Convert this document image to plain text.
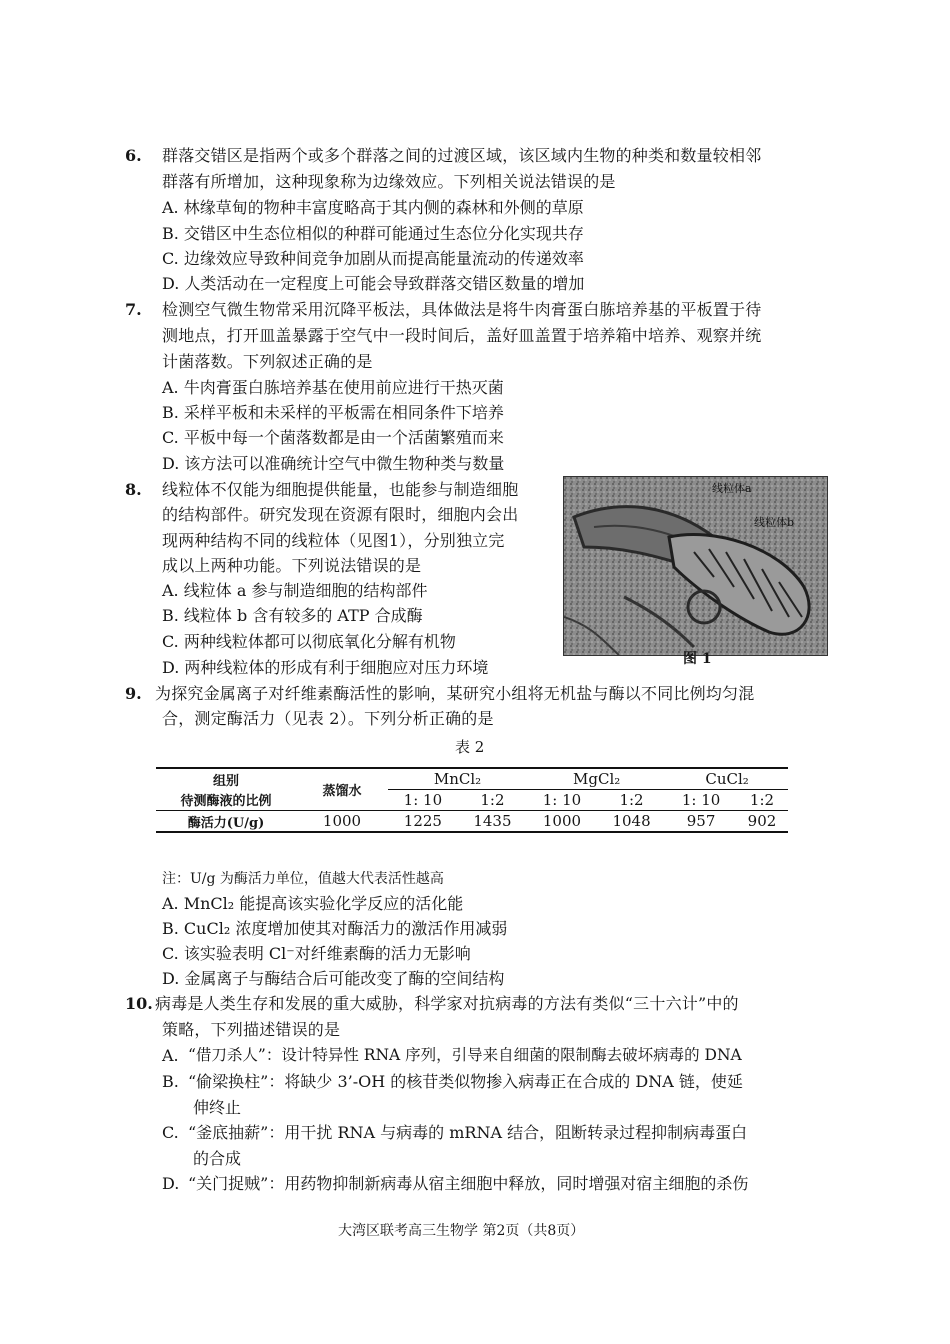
6. 群落交错区是指两个或多个群落之间的过渡区域，该区域内生物的种类和数量较相邻
群落有所增加，这种现象称为边缘效应。下列相关说法错误的是
A. 林缘草甸的物种丰富度略高于其内侧的森林和外侧的草原
B. 交错区中生态位相似的种群可能通过生态位分化实现共存
C. 边缘效应导致种间竞争加剧从而提高能量流动的传递效率
D. 人类活动在一定程度上可能会导致群落交错区数量的增加
7. 检测空气微生物常采用沉降平板法，具体做法是将牛肉膏蛋白胨培养基的平板置于待
测地点，打开皿盖暴露于空气中一段时间后，盖好皿盖置于培养箱中培养、观察并统
计菌落数。下列叙述正确的是
A. 牛肉膏蛋白胨培养基在使用前应进行干热灭菌
B. 采样平板和未采样的平板需在相同条件下培养
C. 平板中每一个菌落数都是由一个活菌繁殖而来
D. 该方法可以准确统计空气中微生物种类与数量
8. 线粒体不仅能为细胞提供能量，也能参与制造细胞
的结构部件。研究发现在资源有限时，细胞内会出
现两种结构不同的线粒体（见图1），分别独立完
成以上两种功能。下列说法错误的是
A. 线粒体 a 参与制造细胞的结构部件
B. 线粒体 b 含有较多的 ATP 合成酶
C. 两种线粒体都可以彻底氧化分解有机物
D. 两种线粒体的形成有利于细胞应对压力环境
线粒体a
线粒体b
图 1
9. 为探究金属离子对纤维素酶活性的影响，某研究小组将无机盐与酶以不同比例均匀混
合，测定酶活力（见表 2）。下列分析正确的是
表 2
组别	蒸馏水	MnCl₂		MgCl₂		CuCl₂	
待测酶液的比例		1: 10	1:2	1: 10	1:2	1: 10	1:2
酶活力(U/g)	1000	1225	1435	1000	1048	957	902
注：U/g 为酶活力单位，值越大代表活性越高
A. MnCl₂ 能提高该实验化学反应的活化能
B. CuCl₂ 浓度增加使其对酶活力的激活作用减弱
C. 该实验表明 Cl⁻对纤维素酶的活力无影响
D. 金属离子与酶结合后可能改变了酶的空间结构
10. 病毒是人类生存和发展的重大威胁，科学家对抗病毒的方法有类似“三十六计”中的
策略，下列描述错误的是
A. “借刀杀人”：设计特异性 RNA 序列，引导来自细菌的限制酶去破坏病毒的 DNA
B. “偷梁换柱”：将缺少 3’-OH 的核苷类似物掺入病毒正在合成的 DNA 链，使延
伸终止
C. “釜底抽薪”：用干扰 RNA 与病毒的 mRNA 结合，阻断转录过程抑制病毒蛋白
的合成
D. “关门捉贼”：用药物抑制新病毒从宿主细胞中释放，同时增强对宿主细胞的杀伤
大湾区联考高三生物学 第2页（共8页）
